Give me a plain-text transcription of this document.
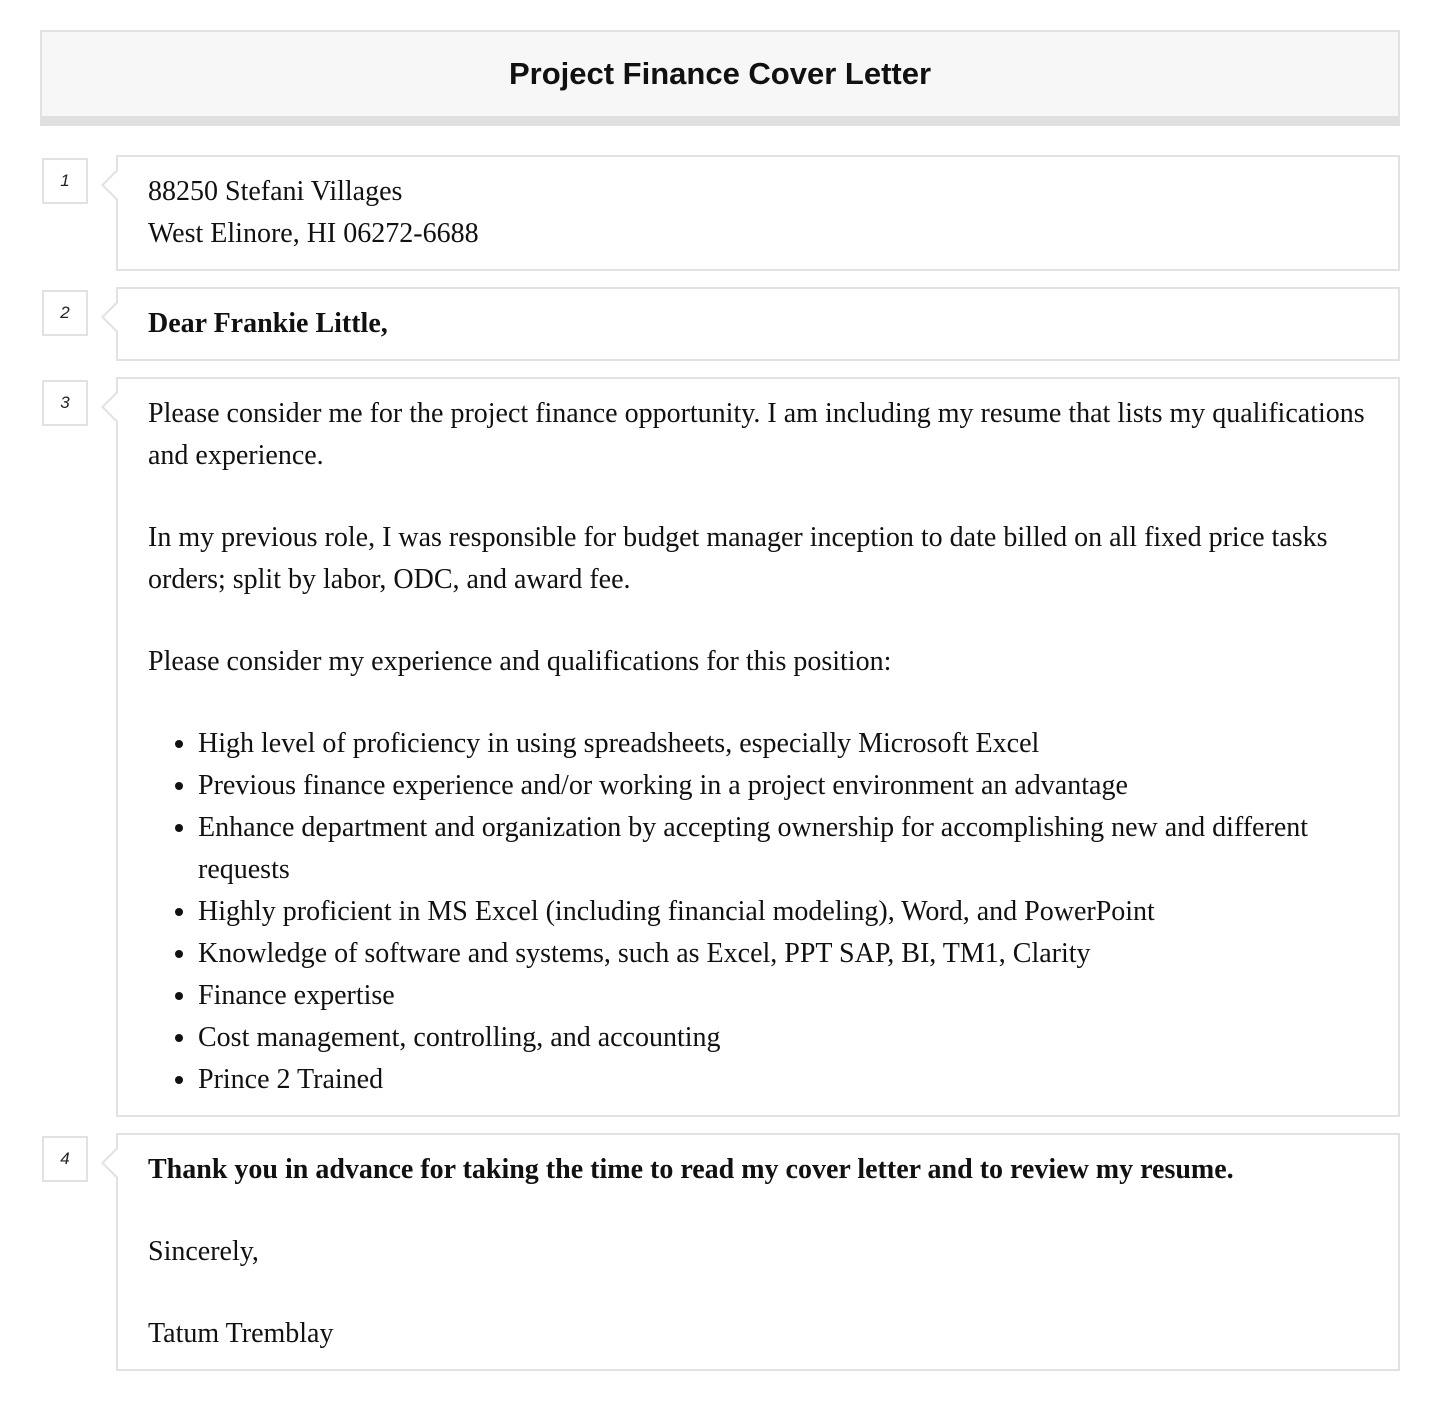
Project Finance Cover Letter
1	88250 Stefani Villages
West Elinore, HI 06272-6688
2	Dear Frankie Little,
3	Please consider me for the project finance opportunity. I am including my resume that lists my qualifications and experience.

In my previous role, I was responsible for budget manager inception to date billed on all fixed price tasks orders; split by labor, ODC, and award fee.

Please consider my experience and qualifications for this position:

• High level of proficiency in using spreadsheets, especially Microsoft Excel
• Previous finance experience and/or working in a project environment an advantage
• Enhance department and organization by accepting ownership for accomplishing new and different requests
• Highly proficient in MS Excel (including financial modeling), Word, and PowerPoint
• Knowledge of software and systems, such as Excel, PPT SAP, BI, TM1, Clarity
• Finance expertise
• Cost management, controlling, and accounting
• Prince 2 Trained
4	Thank you in advance for taking the time to read my cover letter and to review my resume.

Sincerely,

Tatum Tremblay
